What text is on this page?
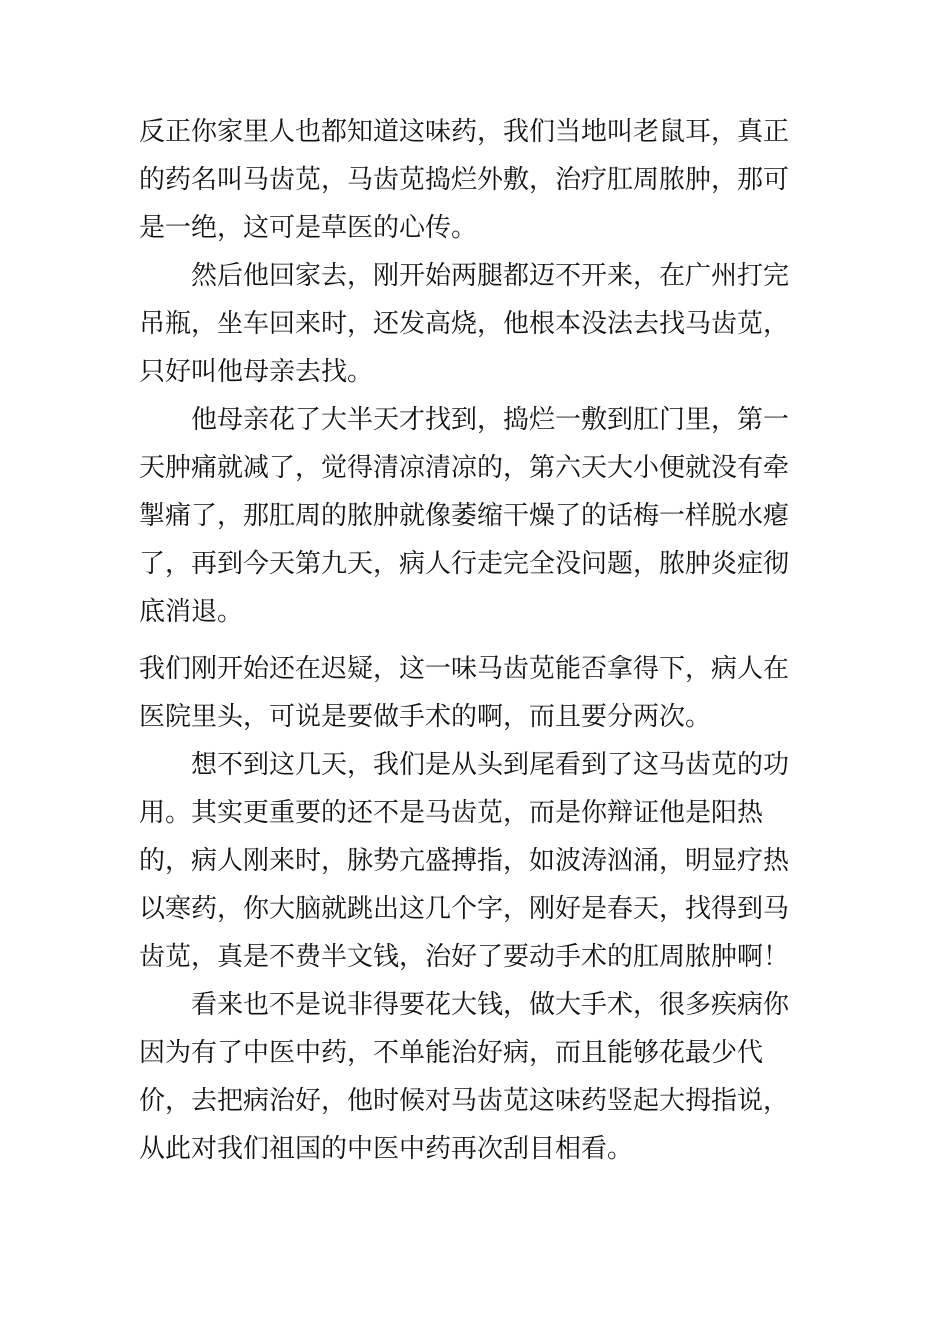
反正你家里人也都知道这味药，我们当地叫老鼠耳，真正的药名叫马齿苋，马齿苋捣烂外敷，治疗肛周脓肿，那可是一绝，这可是草医的心传。

然后他回家去，刚开始两腿都迈不开来，在广州打完吊瓶，坐车回来时，还发高烧，他根本没法去找马齿苋，只好叫他母亲去找。

他母亲花了大半天才找到，捣烂一敷到肛门里，第一天肿痛就减了，觉得清凉清凉的，第六天大小便就没有牵掣痛了，那肛周的脓肿就像萎缩干燥了的话梅一样脱水瘪了，再到今天第九天，病人行走完全没问题，脓肿炎症彻底消退。

我们刚开始还在迟疑，这一味马齿苋能否拿得下，病人在医院里头，可说是要做手术的啊，而且要分两次。

想不到这几天，我们是从头到尾看到了这马齿苋的功用。其实更重要的还不是马齿苋，而是你辩证他是阳热的，病人刚来时，脉势亢盛搏指，如波涛汹涌，明显疗热以寒药，你大脑就跳出这几个字，刚好是春天，找得到马齿苋，真是不费半文钱，治好了要动手术的肛周脓肿啊！

看来也不是说非得要花大钱，做大手术，很多疾病你因为有了中医中药，不单能治好病，而且能够花最少代价，去把病治好，他时候对马齿苋这味药竖起大拇指说，从此对我们祖国的中医中药再次刮目相看。
